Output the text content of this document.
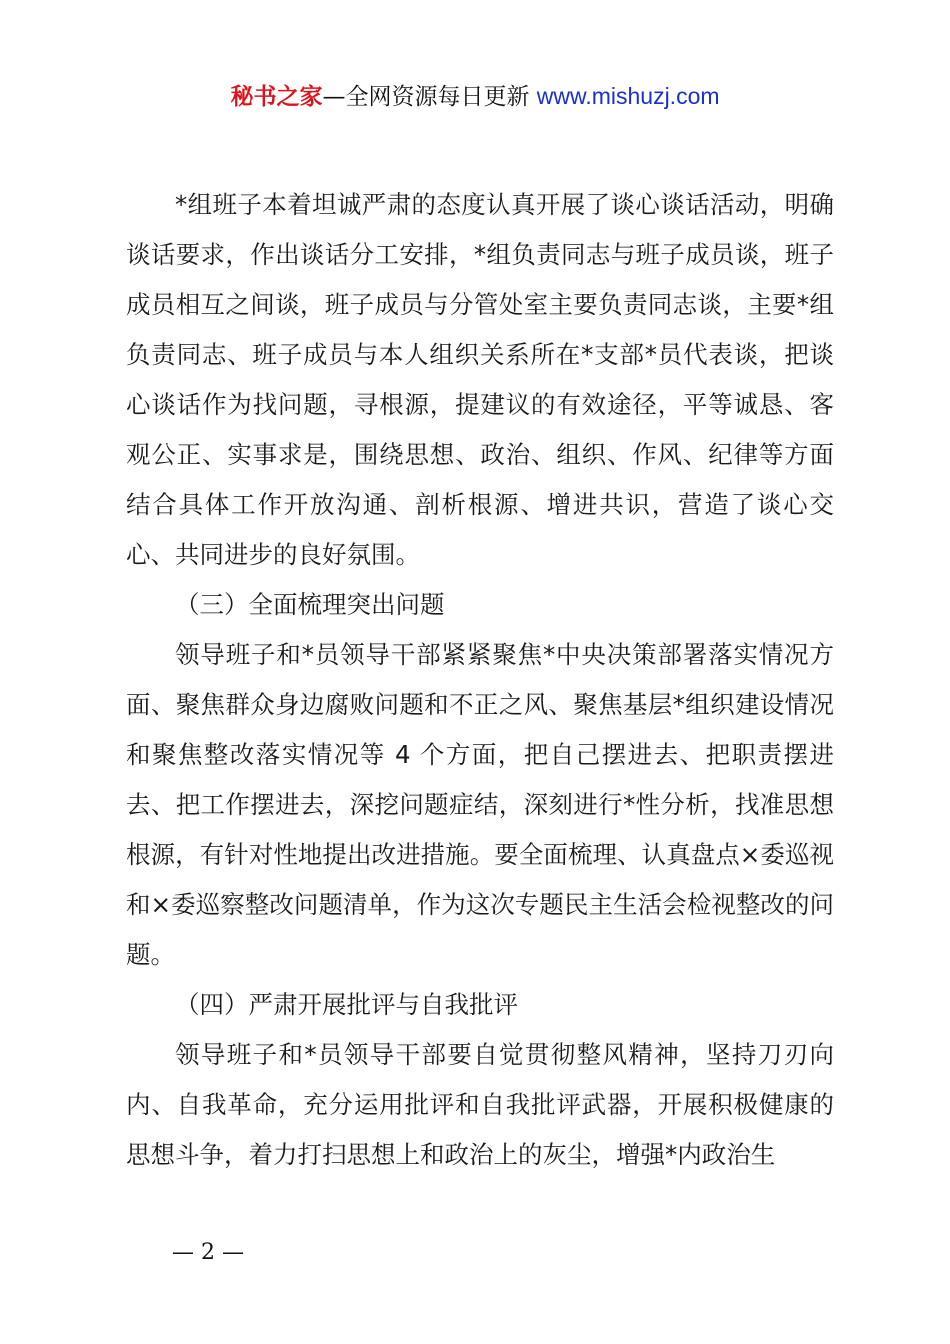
秘书之家—全网资源每日更新 www.mishuzj.com

*组班子本着坦诚严肃的态度认真开展了谈心谈话活动，明确谈话要求，作出谈话分工安排，*组负责同志与班子成员谈，班子成员相互之间谈，班子成员与分管处室主要负责同志谈，主要*组负责同志、班子成员与本人组织关系所在*支部*员代表谈，把谈心谈话作为找问题，寻根源，提建议的有效途径，平等诚恳、客观公正、实事求是，围绕思想、政治、组织、作风、纪律等方面结合具体工作开放沟通、剖析根源、增进共识，营造了谈心交心、共同进步的良好氛围。

（三）全面梳理突出问题

领导班子和*员领导干部紧紧聚焦*中央决策部署落实情况方面、聚焦群众身边腐败问题和不正之风、聚焦基层*组织建设情况和聚焦整改落实情况等 4 个方面，把自己摆进去、把职责摆进去、把工作摆进去，深挖问题症结，深刻进行*性分析，找准思想根源，有针对性地提出改进措施。要全面梳理、认真盘点×委巡视和×委巡察整改问题清单，作为这次专题民主生活会检视整改的问题。

（四）严肃开展批评与自我批评

领导班子和*员领导干部要自觉贯彻整风精神，坚持刀刃向内、自我革命，充分运用批评和自我批评武器，开展积极健康的思想斗争，着力打扫思想上和政治上的灰尘，增强*内政治生

— 2 —
